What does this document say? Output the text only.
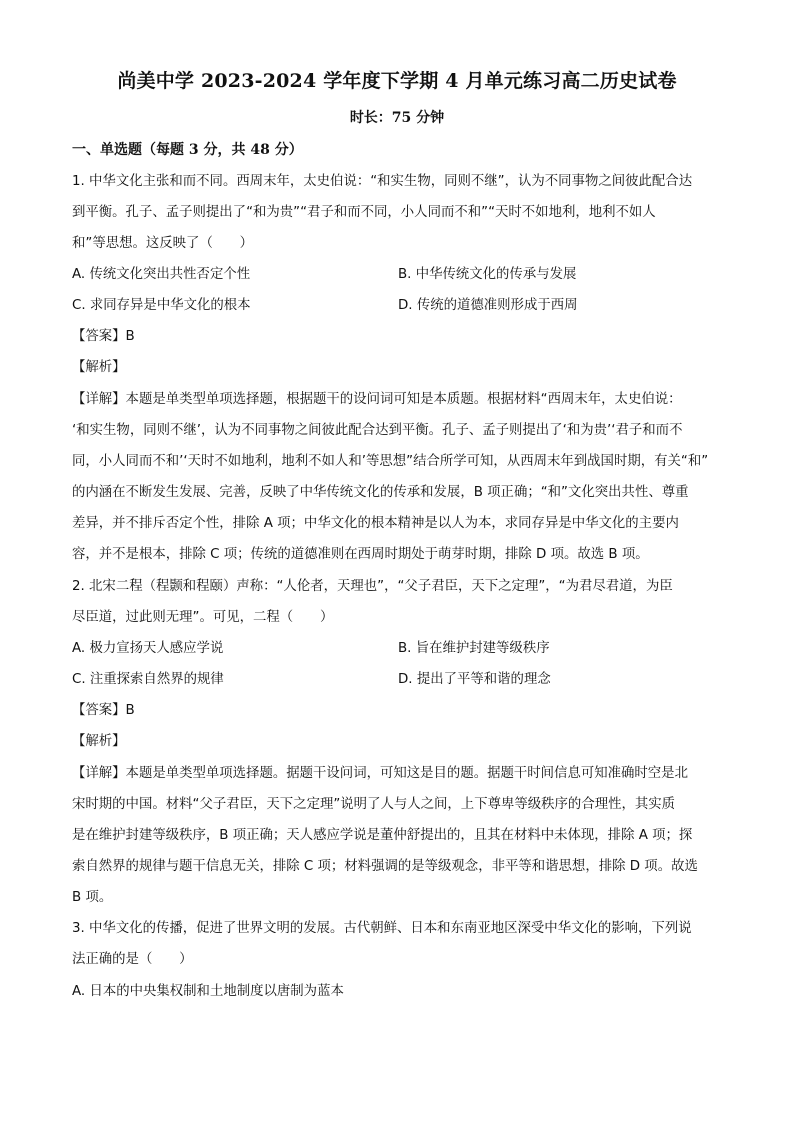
尚美中学 2023-2024 学年度下学期 4 月单元练习高二历史试卷
时长：75 分钟
一、单选题（每题 3 分，共 48 分）
1. 中华文化主张和而不同。西周末年，太史伯说：“和实生物，同则不继”，认为不同事物之间彼此配合达
到平衡。孔子、孟子则提出了“和为贵”“君子和而不同，小人同而不和”“天时不如地利，地利不如人
和”等思想。这反映了（　　）
A. 传统文化突出共性否定个性	B. 中华传统文化的传承与发展
C. 求同存异是中华文化的根本	D. 传统的道德准则形成于西周
【答案】B
【解析】
【详解】本题是单类型单项选择题，根据题干的设问词可知是本质题。根据材料“西周末年，太史伯说：
‘和实生物，同则不继’，认为不同事物之间彼此配合达到平衡。孔子、孟子则提出了‘和为贵’‘君子和而不
同，小人同而不和’‘天时不如地利，地利不如人和’等思想”结合所学可知，从西周末年到战国时期，有关“和”
的内涵在不断发生发展、完善，反映了中华传统文化的传承和发展，B 项正确；“和”文化突出共性、尊重
差异，并不排斥否定个性，排除 A 项；中华文化的根本精神是以人为本，求同存异是中华文化的主要内
容，并不是根本，排除 C 项；传统的道德准则在西周时期处于萌芽时期，排除 D 项。故选 B 项。
2. 北宋二程（程颢和程颐）声称：“人伦者，天理也”，“父子君臣，天下之定理”，“为君尽君道，为臣
尽臣道，过此则无理”。可见，二程（　　）
A. 极力宣扬天人感应学说	B. 旨在维护封建等级秩序
C. 注重探索自然界的规律	D. 提出了平等和谐的理念
【答案】B
【解析】
【详解】本题是单类型单项选择题。据题干设问词，可知这是目的题。据题干时间信息可知准确时空是北
宋时期的中国。材料“父子君臣，天下之定理”说明了人与人之间，上下尊卑等级秩序的合理性，其实质
是在维护封建等级秩序，B 项正确；天人感应学说是董仲舒提出的，且其在材料中未体现，排除 A 项；探
索自然界的规律与题干信息无关，排除 C 项；材料强调的是等级观念，非平等和谐思想，排除 D 项。故选
B 项。
3. 中华文化的传播，促进了世界文明的发展。古代朝鲜、日本和东南亚地区深受中华文化的影响，下列说
法正确的是（　　）
A. 日本的中央集权制和土地制度以唐制为蓝本
